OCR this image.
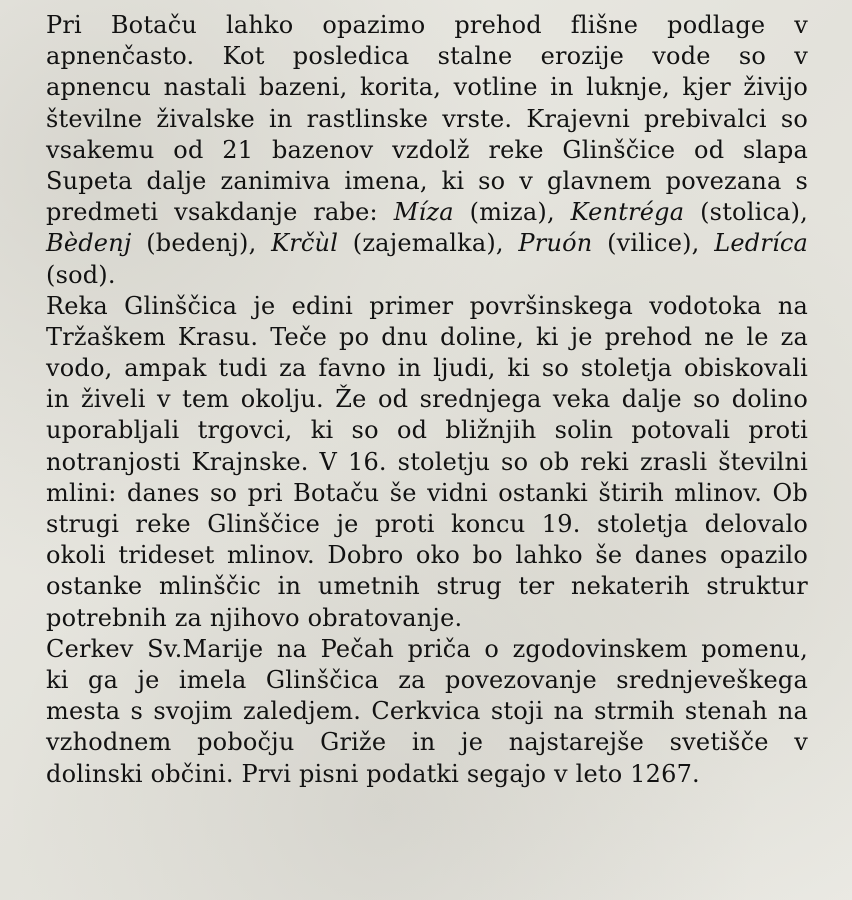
Pri Botaču lahko opazimo prehod flišne podlage v
apnenčasto. Kot posledica stalne erozije vode so v
apnencu nastali bazeni, korita, votline in luknje, kjer živijo
številne živalske in rastlinske vrste. Krajevni prebivalci so
vsakemu od 21 bazenov vzdolž reke Glinščice od slapa
Supeta dalje zanimiva imena, ki so v glavnem povezana s
predmeti vsakdanje rabe: Míza (miza), Kentréga (stolica),
Bèdenj (bedenj), Krčùl (zajemalka), Pruón (vilice), Ledríca
(sod).
Reka Glinščica je edini primer površinskega vodotoka na
Tržaškem Krasu. Teče po dnu doline, ki je prehod ne le za
vodo, ampak tudi za favno in ljudi, ki so stoletja obiskovali
in živeli v tem okolju. Že od srednjega veka dalje so dolino
uporabljali trgovci, ki so od bližnjih solin potovali proti
notranjosti Krajnske. V 16. stoletju so ob reki zrasli številni
mlini: danes so pri Botaču še vidni ostanki štirih mlinov. Ob
strugi reke Glinščice je proti koncu 19. stoletja delovalo
okoli trideset mlinov. Dobro oko bo lahko še danes opazilo
ostanke mlinščic in umetnih strug ter nekaterih struktur
potrebnih za njihovo obratovanje.
Cerkev Sv.Marije na Pečah priča o zgodovinskem pomenu,
ki ga je imela Glinščica za povezovanje srednjeveškega
mesta s svojim zaledjem. Cerkvica stoji na strmih stenah na
vzhodnem pobočju Griže in je najstarejše svetišče v
dolinski občini. Prvi pisni podatki segajo v leto 1267.
